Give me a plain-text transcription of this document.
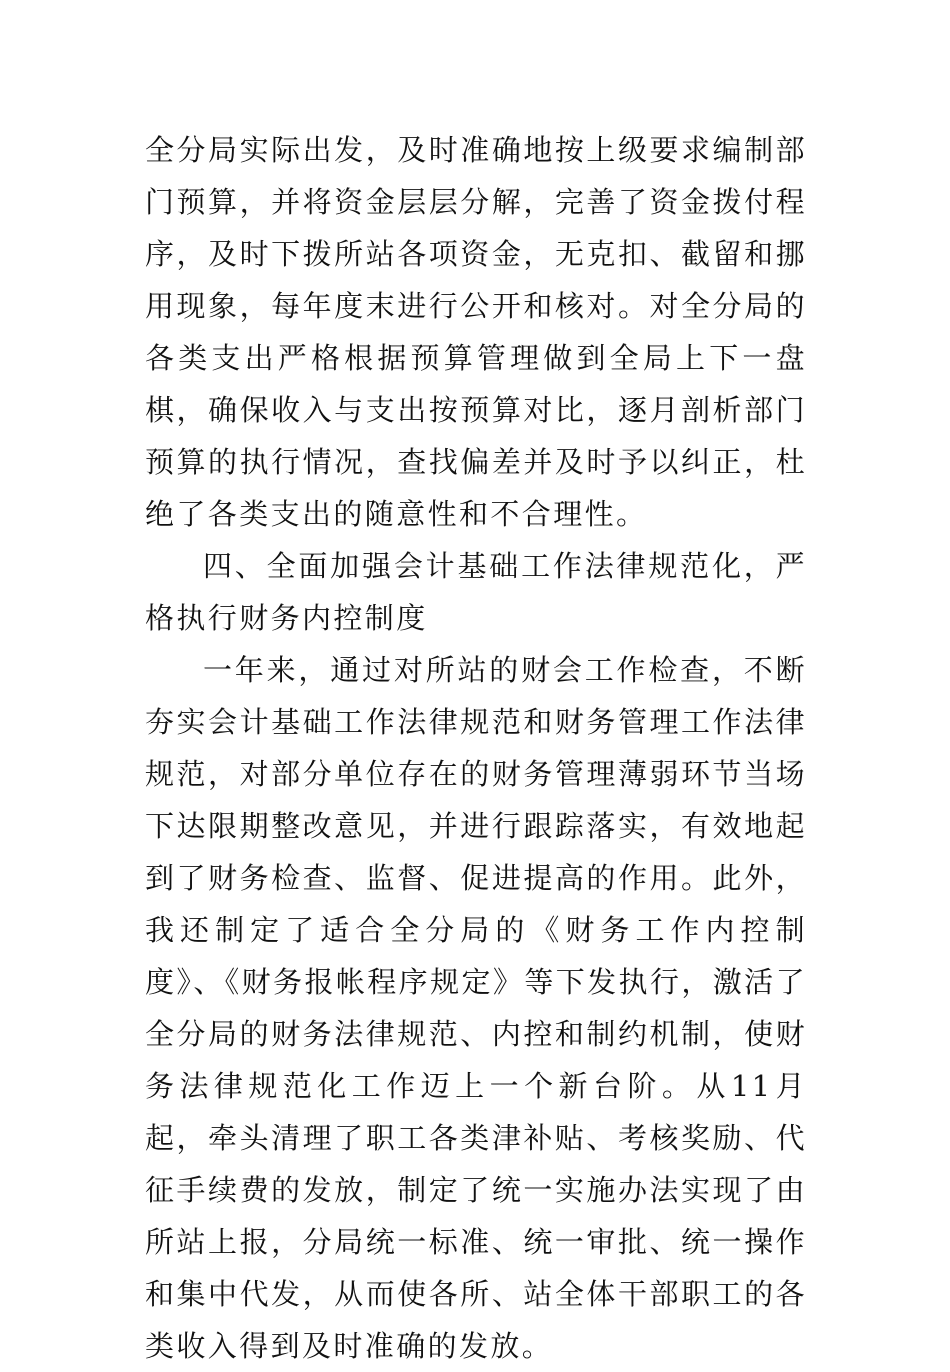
全分局实际出发，及时准确地按上级要求编制部门预算，并将资金层层分解，完善了资金拨付程序，及时下拨所站各项资金，无克扣、截留和挪用现象，每年度末进行公开和核对。对全分局的各类支出严格根据预算管理做到全局上下一盘棋，确保收入与支出按预算对比，逐月剖析部门预算的执行情况，查找偏差并及时予以纠正，杜绝了各类支出的随意性和不合理性。

四、全面加强会计基础工作法律规范化，严格执行财务内控制度

一年来，通过对所站的财会工作检查，不断夯实会计基础工作法律规范和财务管理工作法律规范，对部分单位存在的财务管理薄弱环节当场下达限期整改意见，并进行跟踪落实，有效地起到了财务检查、监督、促进提高的作用。此外，我还制定了适合全分局的《财务工作内控制度》、《财务报帐程序规定》等下发执行，激活了全分局的财务法律规范、内控和制约机制，使财务法律规范化工作迈上一个新台阶。从11月起，牵头清理了职工各类津补贴、考核奖励、代征手续费的发放，制定了统一实施办法实现了由所站上报，分局统一标准、统一审批、统一操作和集中代发，从而使各所、站全体干部职工的各类收入得到及时准确的发放。
